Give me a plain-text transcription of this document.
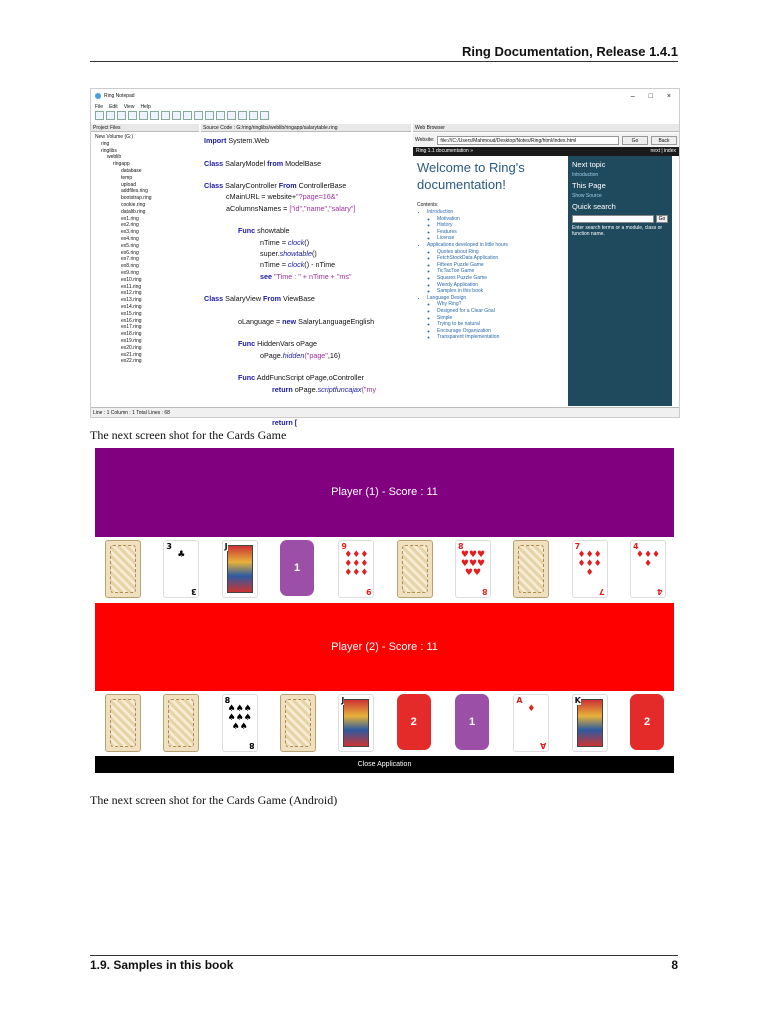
Ring Documentation, Release 1.4.1
Ring Notepad	– □ ×
File Edit View Help
Project Files	Source Code : G:/ring/ringlibs/weblib/ringapp/salarytable.ring	Web Browser
New Volume (G:)
ring
ringlibs
weblib
ringapp
database
temp
upload
addfiles.ring
bootstrap.ring
cookie.ring
datalib.ring
ex1.ring
ex2.ring
ex3.ring
ex4.ring
ex5.ring
ex6.ring
ex7.ring
ex8.ring
ex9.ring
ex10.ring
ex11.ring
ex12.ring
ex13.ring
ex14.ring
ex15.ring
ex16.ring
ex17.ring
ex18.ring
ex19.ring
ex20.ring
ex21.ring
ex22.ring
Import System.Web

Class SalaryModel from ModelBase

Class SalaryController From ControllerBase
cMainURL = website+"?page=16&"
aColumnsNames = ["id","name","salary"]

Func showtable
nTime = clock()
super.showtable()
nTime = clock() - nTime
see "Time : " + nTime + "ms"

Class SalaryView From ViewBase

oLanguage = new SalaryLanguageEnglish

Func HiddenVars oPage
oPage.hidden("page",16)

Func AddFuncScript oPage,oController
return oPage.scriptfuncajax("my

return [
Website:	file:///C:/Users/Mahmoud/Desktop/Notes/Ring/html/index.html	Go	Back
Ring 1.1 documentation »	next | index
Welcome to Ring's
documentation!
Contents:
• Introduction
◦ Motivation
◦ History
◦ Features
◦ License
• Applications developed in little hours
◦ Quotes about Ring
◦ FetchStockData Application
◦ Fifteen Puzzle Game
◦ TicTacToe Game
◦ Squares Puzzle Game
◦ Weirdy Application
◦ Samples in this book
• Language Design
◦ Why Ring?
◦ Designed for a Clear Goal
◦ Simple
◦ Trying to be natural
◦ Encourage Organization
◦ Transparent Implementation
Next topic
Introduction
This Page
Show Source
Quick search
Go
Enter search terms or a module, class or function name.
Line : 1 Column : 1 Total Lines : 68
The next screen shot for the Cards Game
Player (1) - Score : 11
3
♣
3
J
1
9
♦♦♦♦♦♦♦♦♦
9
8
♥♥♥♥♥♥♥♥
8
7
♦♦♦♦♦♦♦
7
4
♦♦♦♦
4
Player (2) - Score : 11
8
♠♠♠♠♠♠♠♠
8
J
2	1
A
♦
A
K
2
Close Application
The next screen shot for the Cards Game (Android)
1.9. Samples in this book	8
